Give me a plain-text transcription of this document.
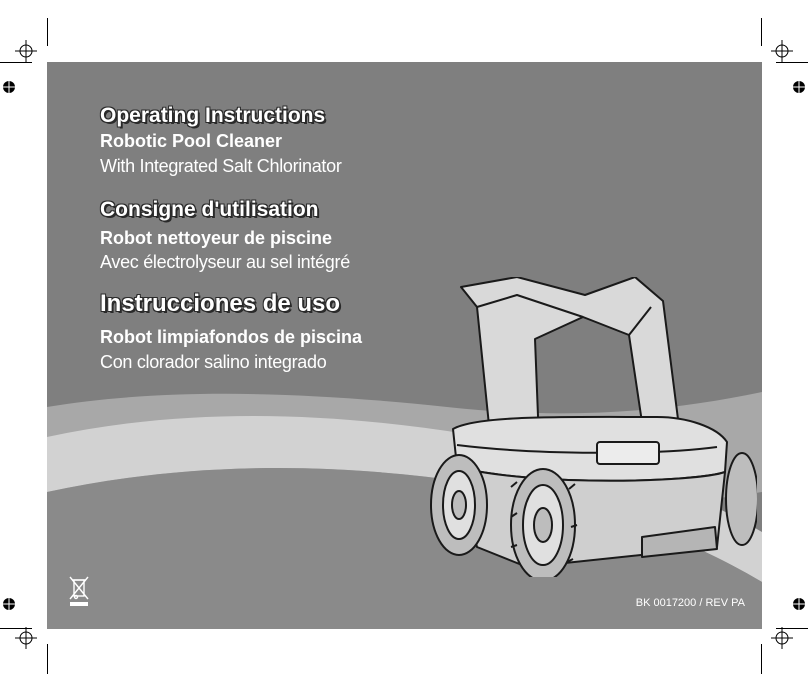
Operating Instructions
Robotic Pool Cleaner
With Integrated Salt Chlorinator
Consigne d'utilisation
Robot nettoyeur de piscine
Avec électrolyseur au sel intégré
Instrucciones de uso
Robot limpiafondos de piscina
Con clorador salino integrado
BK 0017200 / REV PA
